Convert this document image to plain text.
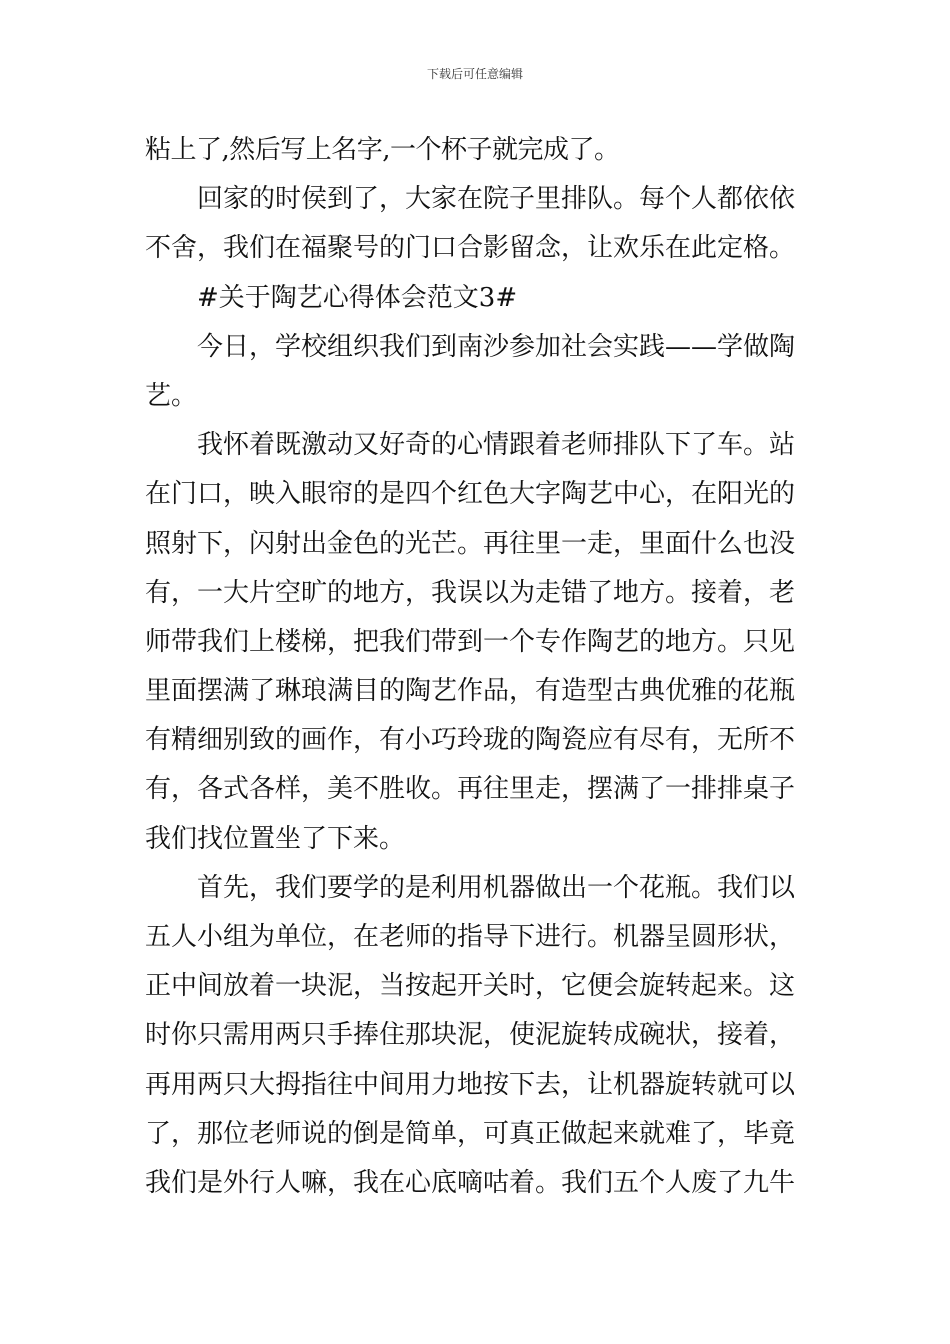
下载后可任意编辑
粘上了,然后写上名字,一个杯子就完成了。
回家的时侯到了，大家在院子里排队。每个人都依依
不舍，我们在福聚号的门口合影留念，让欢乐在此定格。
#关于陶艺心得体会范文3#
今日，学校组织我们到南沙参加社会实践——学做陶
艺。
我怀着既激动又好奇的心情跟着老师排队下了车。站
在门口，映入眼帘的是四个红色大字陶艺中心，在阳光的
照射下，闪射出金色的光芒。再往里一走，里面什么也没
有，一大片空旷的地方，我误以为走错了地方。接着，老
师带我们上楼梯，把我们带到一个专作陶艺的地方。只见
里面摆满了琳琅满目的陶艺作品，有造型古典优雅的花瓶
有精细别致的画作，有小巧玲珑的陶瓷应有尽有，无所不
有，各式各样，美不胜收。再往里走，摆满了一排排桌子
我们找位置坐了下来。
首先，我们要学的是利用机器做出一个花瓶。我们以
五人小组为单位，在老师的指导下进行。机器呈圆形状，
正中间放着一块泥，当按起开关时，它便会旋转起来。这
时你只需用两只手捧住那块泥，使泥旋转成碗状，接着，
再用两只大拇指往中间用力地按下去，让机器旋转就可以
了，那位老师说的倒是简单，可真正做起来就难了，毕竟
我们是外行人嘛，我在心底嘀咕着。我们五个人废了九牛
